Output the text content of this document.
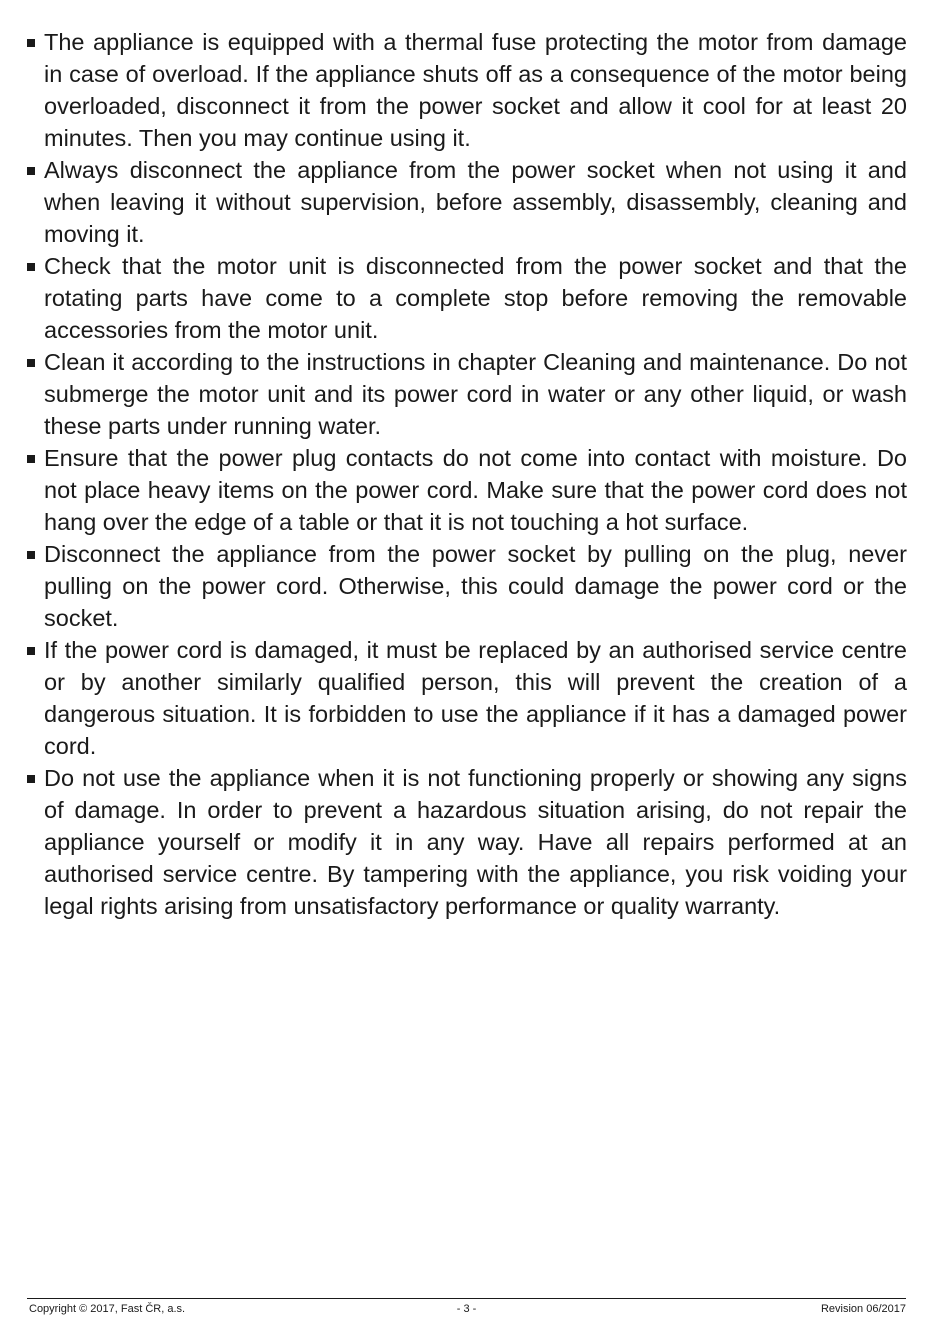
The appliance is equipped with a thermal fuse protecting the motor from damage in case of overload. If the appliance shuts off as a consequence of the motor being overloaded, disconnect it from the power socket and allow it cool for at least 20 minutes. Then you may continue using it.
Always disconnect the appliance from the power socket when not using it and when leaving it without supervision, before assembly, disassembly, cleaning and moving it.
Check that the motor unit is disconnected from the power socket and that the rotating parts have come to a complete stop before removing the removable accessories from the motor unit.
Clean it according to the instructions in chapter Cleaning and maintenance. Do not submerge the motor unit and its power cord in water or any other liquid, or wash these parts under running water.
Ensure that the power plug contacts do not come into contact with moisture. Do not place heavy items on the power cord. Make sure that the power cord does not hang over the edge of a table or that it is not touching a hot surface.
Disconnect the appliance from the power socket by pulling on the plug, never pulling on the power cord. Otherwise, this could damage the power cord or the socket.
If the power cord is damaged, it must be replaced by an authorised service centre or by another similarly qualified person, this will prevent the creation of a dangerous situation. It is forbidden to use the appliance if it has a damaged power cord.
Do not use the appliance when it is not functioning properly or showing any signs of damage. In order to prevent a hazardous situation arising, do not repair the appliance yourself or modify it in any way. Have all repairs performed at an authorised service centre. By tampering with the appliance, you risk voiding your legal rights arising from unsatisfactory performance or quality warranty.
Copyright © 2017, Fast ČR, a.s.	- 3 -	Revision 06/2017
